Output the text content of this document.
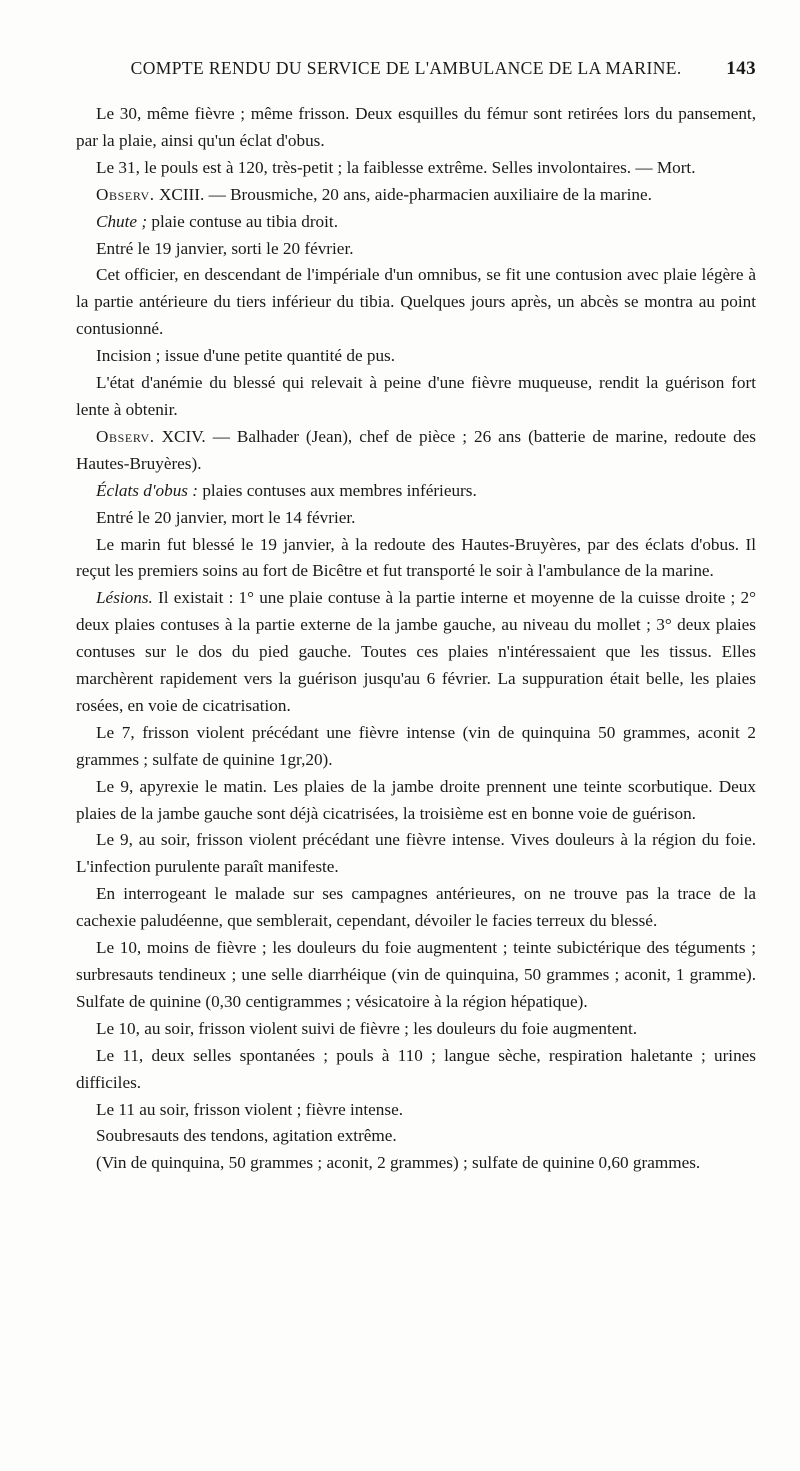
COMPTE RENDU DU SERVICE DE L'AMBULANCE DE LA MARINE.	143

Le 30, même fièvre ; même frisson. Deux esquilles du fémur sont retirées lors du pansement, par la plaie, ainsi qu'un éclat d'obus.

Le 31, le pouls est à 120, très-petit ; la faiblesse extrême. Selles involontaires. — Mort.

Observ. XCIII. — Brousmiche, 20 ans, aide-pharmacien auxiliaire de la marine.

Chute ; plaie contuse au tibia droit.

Entré le 19 janvier, sorti le 20 février.

Cet officier, en descendant de l'impériale d'un omnibus, se fit une contusion avec plaie légère à la partie antérieure du tiers inférieur du tibia. Quelques jours après, un abcès se montra au point contusionné.

Incision ; issue d'une petite quantité de pus.

L'état d'anémie du blessé qui relevait à peine d'une fièvre muqueuse, rendit la guérison fort lente à obtenir.

Observ. XCIV. — Balhader (Jean), chef de pièce ; 26 ans (batterie de marine, redoute des Hautes-Bruyères).

Éclats d'obus : plaies contuses aux membres inférieurs.

Entré le 20 janvier, mort le 14 février.

Le marin fut blessé le 19 janvier, à la redoute des Hautes-Bruyères, par des éclats d'obus. Il reçut les premiers soins au fort de Bicêtre et fut transporté le soir à l'ambulance de la marine.

Lésions. Il existait : 1° une plaie contuse à la partie interne et moyenne de la cuisse droite ; 2° deux plaies contuses à la partie externe de la jambe gauche, au niveau du mollet ; 3° deux plaies contuses sur le dos du pied gauche. Toutes ces plaies n'intéressaient que les tissus. Elles marchèrent rapidement vers la guérison jusqu'au 6 février. La suppuration était belle, les plaies rosées, en voie de cicatrisation.

Le 7, frisson violent précédant une fièvre intense (vin de quinquina 50 grammes, aconit 2 grammes ; sulfate de quinine 1gr,20).

Le 9, apyrexie le matin. Les plaies de la jambe droite prennent une teinte scorbutique. Deux plaies de la jambe gauche sont déjà cicatrisées, la troisième est en bonne voie de guérison.

Le 9, au soir, frisson violent précédant une fièvre intense. Vives douleurs à la région du foie. L'infection purulente paraît manifeste.

En interrogeant le malade sur ses campagnes antérieures, on ne trouve pas la trace de la cachexie paludéenne, que semblerait, cependant, dévoiler le facies terreux du blessé.

Le 10, moins de fièvre ; les douleurs du foie augmentent ; teinte subictérique des téguments ; surbresauts tendineux ; une selle diarrhéique (vin de quinquina, 50 grammes ; aconit, 1 gramme). Sulfate de quinine (0,30 centigrammes ; vésicatoire à la région hépatique).

Le 10, au soir, frisson violent suivi de fièvre ; les douleurs du foie augmentent.

Le 11, deux selles spontanées ; pouls à 110 ; langue sèche, respiration haletante ; urines difficiles.

Le 11 au soir, frisson violent ; fièvre intense.

Soubresauts des tendons, agitation extrême.

(Vin de quinquina, 50 grammes ; aconit, 2 grammes) ; sulfate de quinine 0,60 grammes.
